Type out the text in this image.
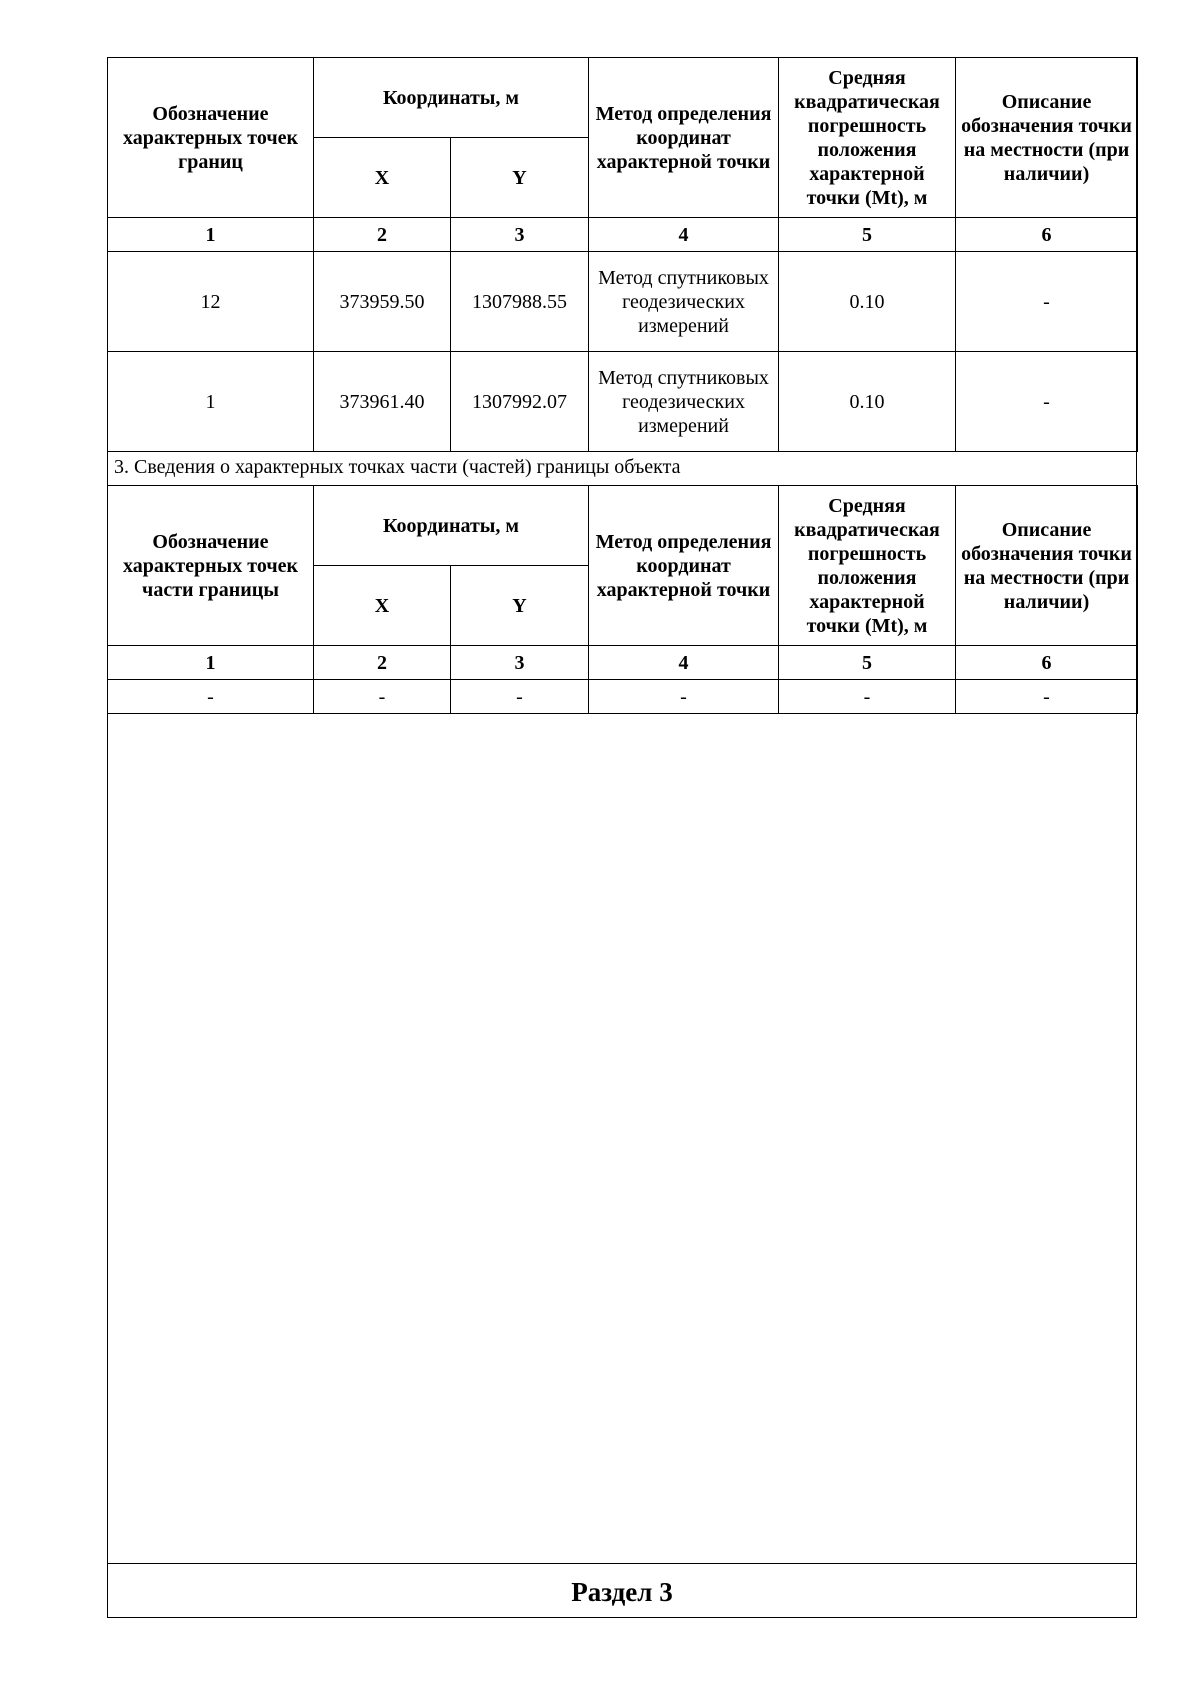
Обозначение характерных точек границ	Координаты, м		Метод определения координат характерной точки	Средняя квадратическая погрешность положения характерной точки (Mt), м	Описание обозначения точки на местности (при наличии)
	X	Y			
1	2	3	4	5	6
12	373959.50	1307988.55	Метод спутниковых геодезических измерений	0.10	-
1	373961.40	1307992.07	Метод спутниковых геодезических измерений	0.10	-
3. Сведения о характерных точках части (частей) границы объекта
Обозначение характерных точек части границы	Координаты, м		Метод определения координат характерной точки	Средняя квадратическая погрешность положения характерной точки (Mt), м	Описание обозначения точки на местности (при наличии)
	X	Y			
1	2	3	4	5	6
-	-	-	-	-	-
Раздел 3
